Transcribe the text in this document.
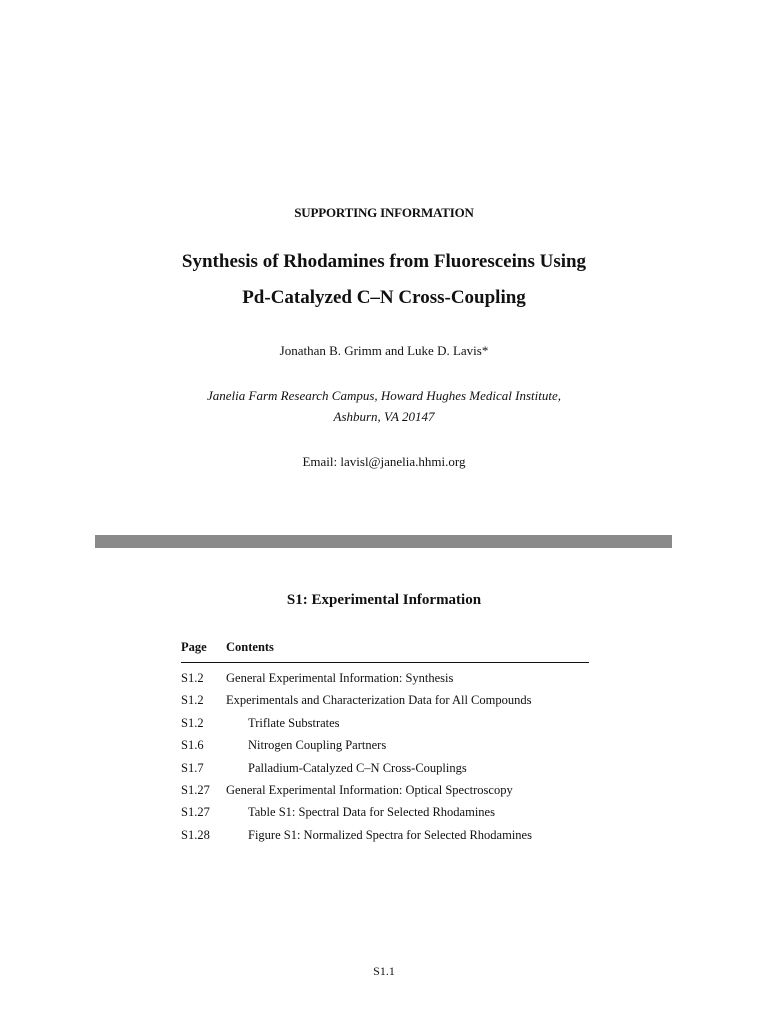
SUPPORTING INFORMATION
Synthesis of Rhodamines from Fluoresceins Using
Pd-Catalyzed C–N Cross-Coupling
Jonathan B. Grimm and Luke D. Lavis*
Janelia Farm Research Campus, Howard Hughes Medical Institute,
Ashburn, VA 20147
Email: lavisl@janelia.hhmi.org
S1: Experimental Information
Page	Contents
S1.2	General Experimental Information: Synthesis
S1.2	Experimentals and Characterization Data for All Compounds
S1.2	Triflate Substrates
S1.6	Nitrogen Coupling Partners
S1.7	Palladium-Catalyzed C–N Cross-Couplings
S1.27	General Experimental Information: Optical Spectroscopy
S1.27	Table S1: Spectral Data for Selected Rhodamines
S1.28	Figure S1: Normalized Spectra for Selected Rhodamines
S1.1
